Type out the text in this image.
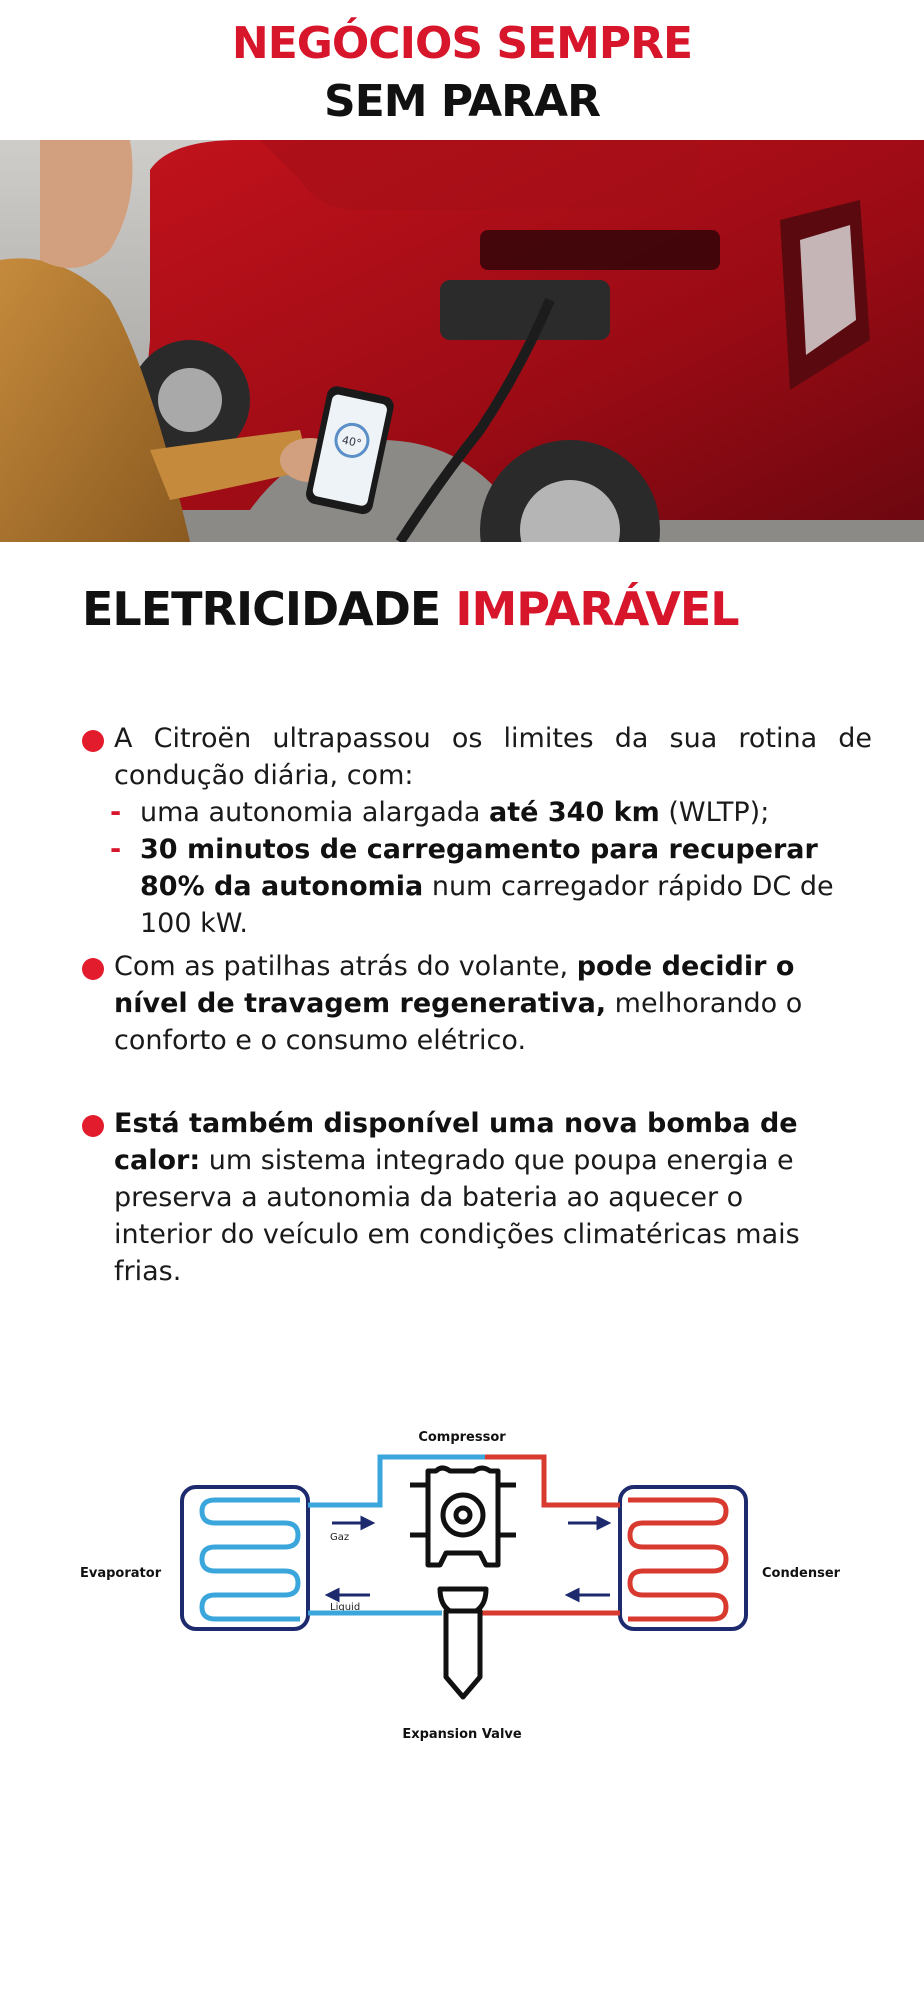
NEGÓCIOS SEMPRE
SEM PARAR
40°
ELETRICIDADE IMPARÁVEL
A Citroën ultrapassou os limites da sua rotina de condução diária, com:
- uma autonomia alargada até 340 km (WLTP);
- 30 minutos de carregamento para recuperar 80% da autonomia num carregador rápido DC de 100 kW.
Com as patilhas atrás do volante, pode decidir o nível de travagem regenerativa, melhorando o conforto e o consumo elétrico.
Está também disponível uma nova bomba de calor: um sistema integrado que poupa energia e preserva a autonomia da bateria ao aquecer o interior do veículo em condições climatéricas mais frias.
Compressor
Evaporator	Condenser
Expansion Valve
Gaz
Liquid
